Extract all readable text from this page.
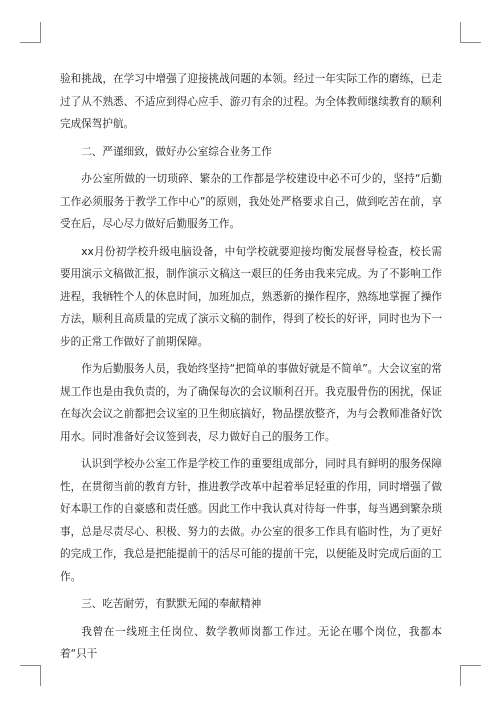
验和挑战，在学习中增强了迎接挑战问题的本领。经过一年实际工作的磨练，已走过了从不熟悉、不适应到得心应手、游刃有余的过程。为全体教师继续教育的顺利完成保驾护航。

二、严谨细致，做好办公室综合业务工作

办公室所做的一切琐碎、繁杂的工作都是学校建设中必不可少的，坚持“后勤工作必须服务于教学工作中心”的原则，我处处严格要求自己，做到吃苦在前，享受在后，尽心尽力做好后勤服务工作。

xx月份初学校升级电脑设备，中旬学校就要迎接均衡发展督导检查，校长需要用演示文稿做汇报，制作演示文稿这一艰巨的任务由我来完成。为了不影响工作进程，我牺牲个人的休息时间，加班加点，熟悉新的操作程序，熟练地掌握了操作方法，顺利且高质量的完成了演示文稿的制作，得到了校长的好评，同时也为下一步的正常工作做好了前期保障。

作为后勤服务人员，我始终坚持“把简单的事做好就是不简单”。大会议室的常规工作也是由我负责的，为了确保每次的会议顺利召开。我克服骨伤的困扰，保证在每次会议之前都把会议室的卫生彻底搞好，物品摆放整齐，为与会教师准备好饮用水。同时准备好会议签到表，尽力做好自己的服务工作。

认识到学校办公室工作是学校工作的重要组成部分，同时具有鲜明的服务保障性，在贯彻当前的教育方针，推进教学改革中起着举足轻重的作用，同时增强了做好本职工作的自豪感和责任感。因此工作中我认真对待每一件事，每当遇到繁杂琐事，总是尽责尽心、积极、努力的去做。办公室的很多工作具有临时性，为了更好的完成工作，我总是把能提前干的活尽可能的提前干完，以便能及时完成后面的工作。

三、吃苦耐劳，有默默无闻的奉献精神

我曾在一线班主任岗位、数学教师岗都工作过。无论在哪个岗位，我都本着“只干
